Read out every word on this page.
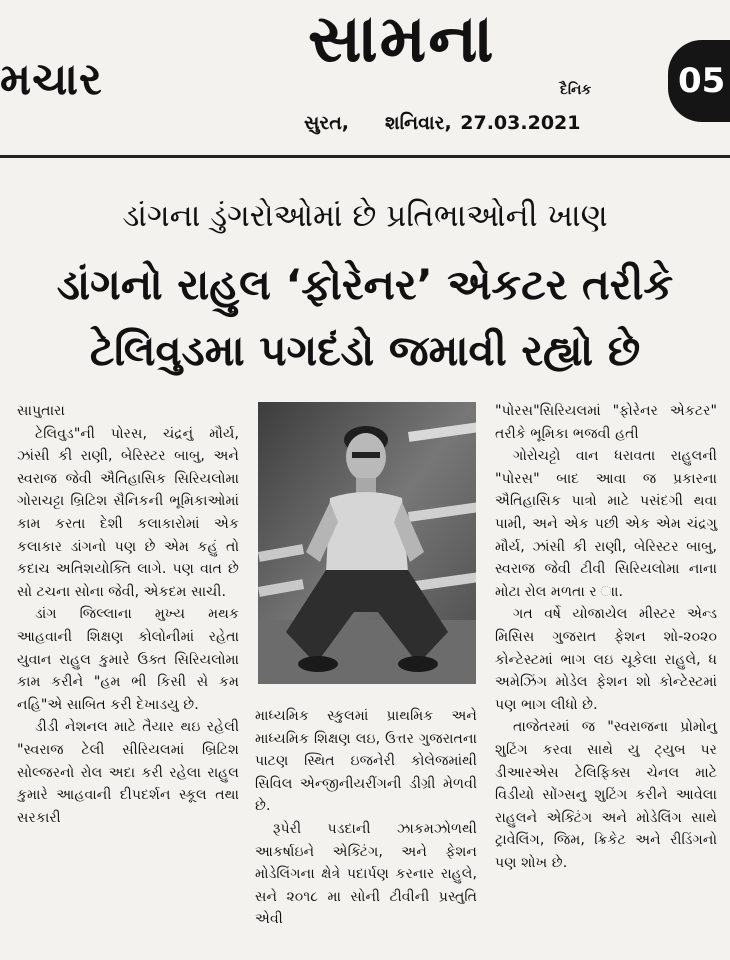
મચાર
સામના
દૈનિક
સુરત, શનિવાર, 27.03.2021
05
ડાંગના ડુંગરોઓમાં છે પ્રતિભાઓની ખાણ
ડાંગનો રાહુલ ‘ફોરેનર’ એકટર તરીકે
ટેલિવુડમા પગદંડો જમાવી રહ્યો છે

સાપુતારા

ટેલિવુડ"ની પોરસ, ચંદ્રનું મૌર્ય, ઝાંસી કી રાણી, બેરિસ્ટર બાબુ, અને સ્વરાજ જેવી ઐતિહાસિક સિરિયલોમા ગોરાચટ્ટા બ્રિટિશ સૈનિકની ભૂમિકાઓમાં કામ કરતા દેશી કલાકારોમાં એક કલાકાર ડાંગનો પણ છે એમ કહું તો કદાચ અતિશયોક્તિ લાગે. પણ વાત છે સો ટચના સોના જેવી, એકદમ સાચી.

ડાંગ જિલ્લાના મુખ્ય મથક આહવાની શિક્ષણ કોલોનીમાં રહેતા યુવાન રાહુલ કુમારે ઉક્ત સિરિયલોમા કામ કરીને "હમ ભી કિસી સે કમ નહિ"એ સાબિત કરી દેખાડયુ છે.

ડીડી નેશનલ માટે તૈયાર થઇ રહેલી "સ્વરાજ ટેલી સીરિયલમાં બ્રિટિશ સોલ્જરનો રોલ અદા કરી રહેલા રાહુલ કુમારે આહવાની દીપદર્શન સ્કૂલ તથા સરકારી

માધ્યમિક સ્કુલમાં પ્રાથમિક અને માધ્યમિક શિક્ષણ લઇ, ઉત્તર ગુજરાતના પાટણ સ્થિત ઇજનેરી કોલેજમાંથી સિવિલ એન્જીનીયરીંગની ડીગ્રી મેળવી છે.

રૂપેરી પડદાની ઝાકમઝોળથી આકર્ષાઇને એક્ટિંગ, અને ફેશન મોડેલિંગના ક્ષેત્રે પદાર્પણ કરનાર રાહુલે, સને ૨૦૧૮ મા સોની ટીવીની પ્રસ્તુતિ એવી

"પોરસ"સિરિયલમાં "ફોરેનર એકટર" તરીકે ભૂમિકા ભજવી હતી

ગોરોચટ્ટો વાન ધરાવતા રાહુલની "પોરસ" બાદ આવા જ પ્રકારના ઐતિહાસિક પાત્રો માટે પસંદગી થવા પામી, અને એક પછી એક એમ ચંદ્રગુ મૌર્ય, ઝાંસી કી રાણી, બેરિસ્ટર બાબુ, સ્વરાજ જેવી ટીવી સિરિયલોમા નાના મોટા રોલ મળતા ર ાા.

ગત વર્ષે યોજાયેલ મીસ્ટર એન્ડ મિસિસ ગુજરાત ફેશન શો-૨૦૨૦ કોન્ટેસ્ટમાં ભાગ લઇ ચૂકેલા રાહુલે, ધ અમેઝિંગ મોડેલ ફેશન શો કોન્ટેસ્ટમાં પણ ભાગ લીધો છે.

તાજેતરમાં જ "સ્વરાજના પ્રોમોનુ શુટિંગ કરવા સાથે યુ ટ્યુબ પર ડીઆરએસ ટેલિફિક્સ ચેનલ માટે વિડીયો સોંગ્સનુ શુટિંગ કરીને આવેલા રાહુલને એક્ટિંગ અને મોડેલિંગ સાથે ટ્રાવેલિંગ, જિમ, ક્રિકેટ અને રીડિંગનો પણ શોખ છે.
